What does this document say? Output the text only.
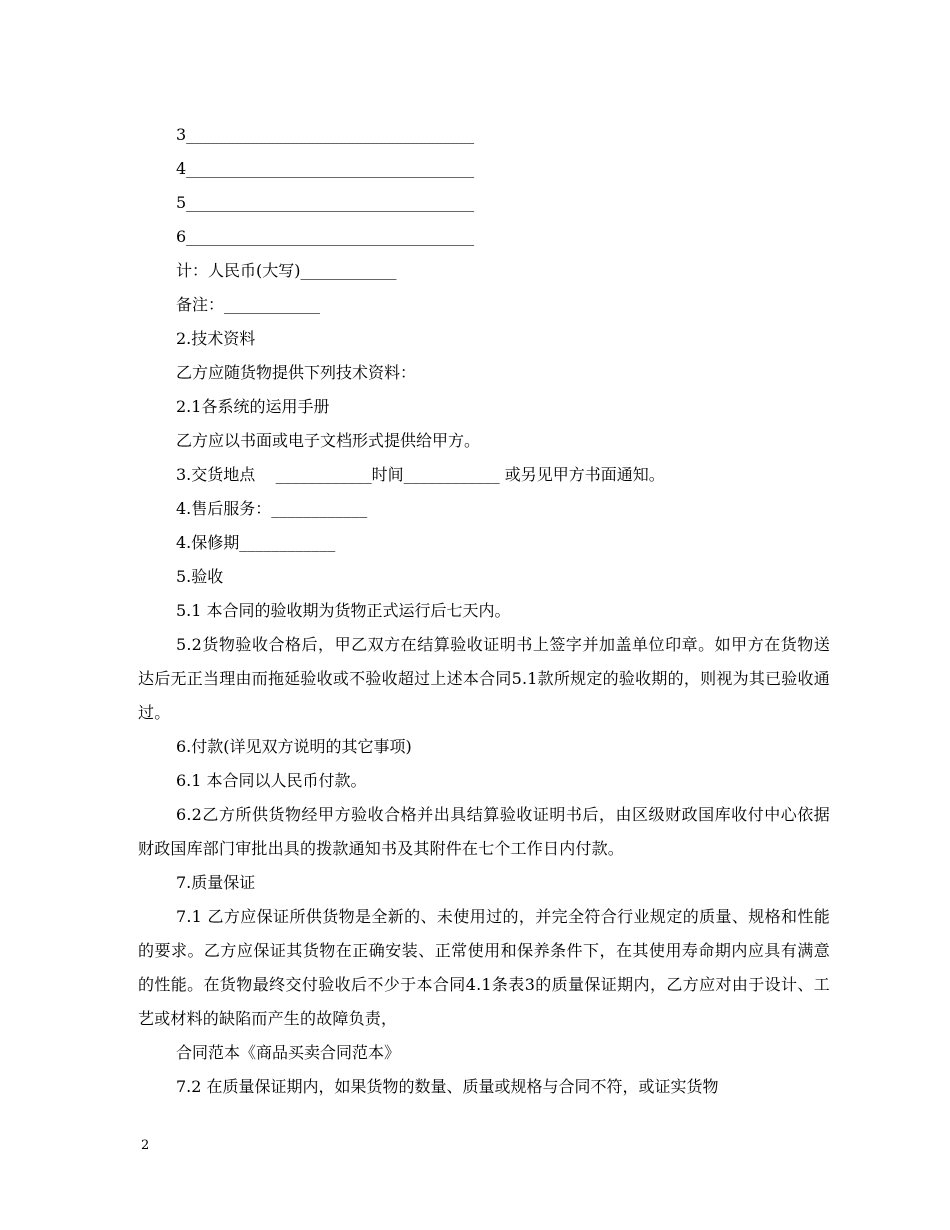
3____________________________________
4____________________________________
5____________________________________
6____________________________________
计：人民币(大写)____________
备注：____________
2.技术资料
乙方应随货物提供下列技术资料：
2.1各系统的运用手册
乙方应以书面或电子文档形式提供给甲方。
3.交货地点    ____________时间____________ 或另见甲方书面通知。
4.售后服务：____________
4.保修期____________
5.验收
5.1 本合同的验收期为货物正式运行后七天内。
5.2货物验收合格后，甲乙双方在结算验收证明书上签字并加盖单位印章。如甲方在货物送达后无正当理由而拖延验收或不验收超过上述本合同5.1款所规定的验收期的，则视为其已验收通过。
6.付款(详见双方说明的其它事项)
6.1 本合同以人民币付款。
6.2乙方所供货物经甲方验收合格并出具结算验收证明书后，由区级财政国库收付中心依据财政国库部门审批出具的拨款通知书及其附件在七个工作日内付款。
7.质量保证
7.1 乙方应保证所供货物是全新的、未使用过的，并完全符合行业规定的质量、规格和性能的要求。乙方应保证其货物在正确安装、正常使用和保养条件下，在其使用寿命期内应具有满意的性能。在货物最终交付验收后不少于本合同4.1条表3的质量保证期内，乙方应对由于设计、工艺或材料的缺陷而产生的故障负责，
合同范本《商品买卖合同范本》
7.2 在质量保证期内，如果货物的数量、质量或规格与合同不符，或证实货物
2
